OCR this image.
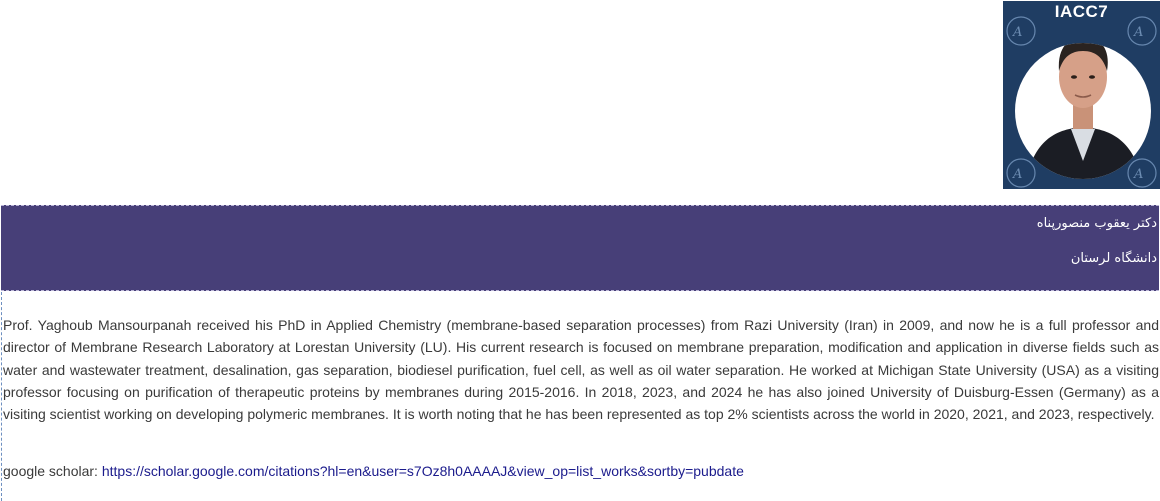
A	A
A	A
IACC7
دکتر یعقوب منصورپناه
دانشگاه لرستان

Prof. Yaghoub Mansourpanah received his PhD in Applied Chemistry (membrane-based separation processes) from Razi University (Iran) in 2009, and now he is a full professor and director of Membrane Research Laboratory at Lorestan University (LU). His current research is focused on membrane preparation, modification and application in diverse fields such as water and wastewater treatment, desalination, gas separation, biodiesel purification, fuel cell, as well as oil water separation. He worked at Michigan State University (USA) as a visiting professor focusing on purification of therapeutic proteins by membranes during 2015-2016. In 2018, 2023, and 2024 he has also joined University of Duisburg-Essen (Germany) as a visiting scientist working on developing polymeric membranes. It is worth noting that he has been represented as top 2% scientists across the world in 2020, 2021, and 2023, respectively.

google scholar: https://scholar.google.com/citations?hl=en&user=s7Oz8h0AAAAJ&view_op=list_works&sortby=pubdate
